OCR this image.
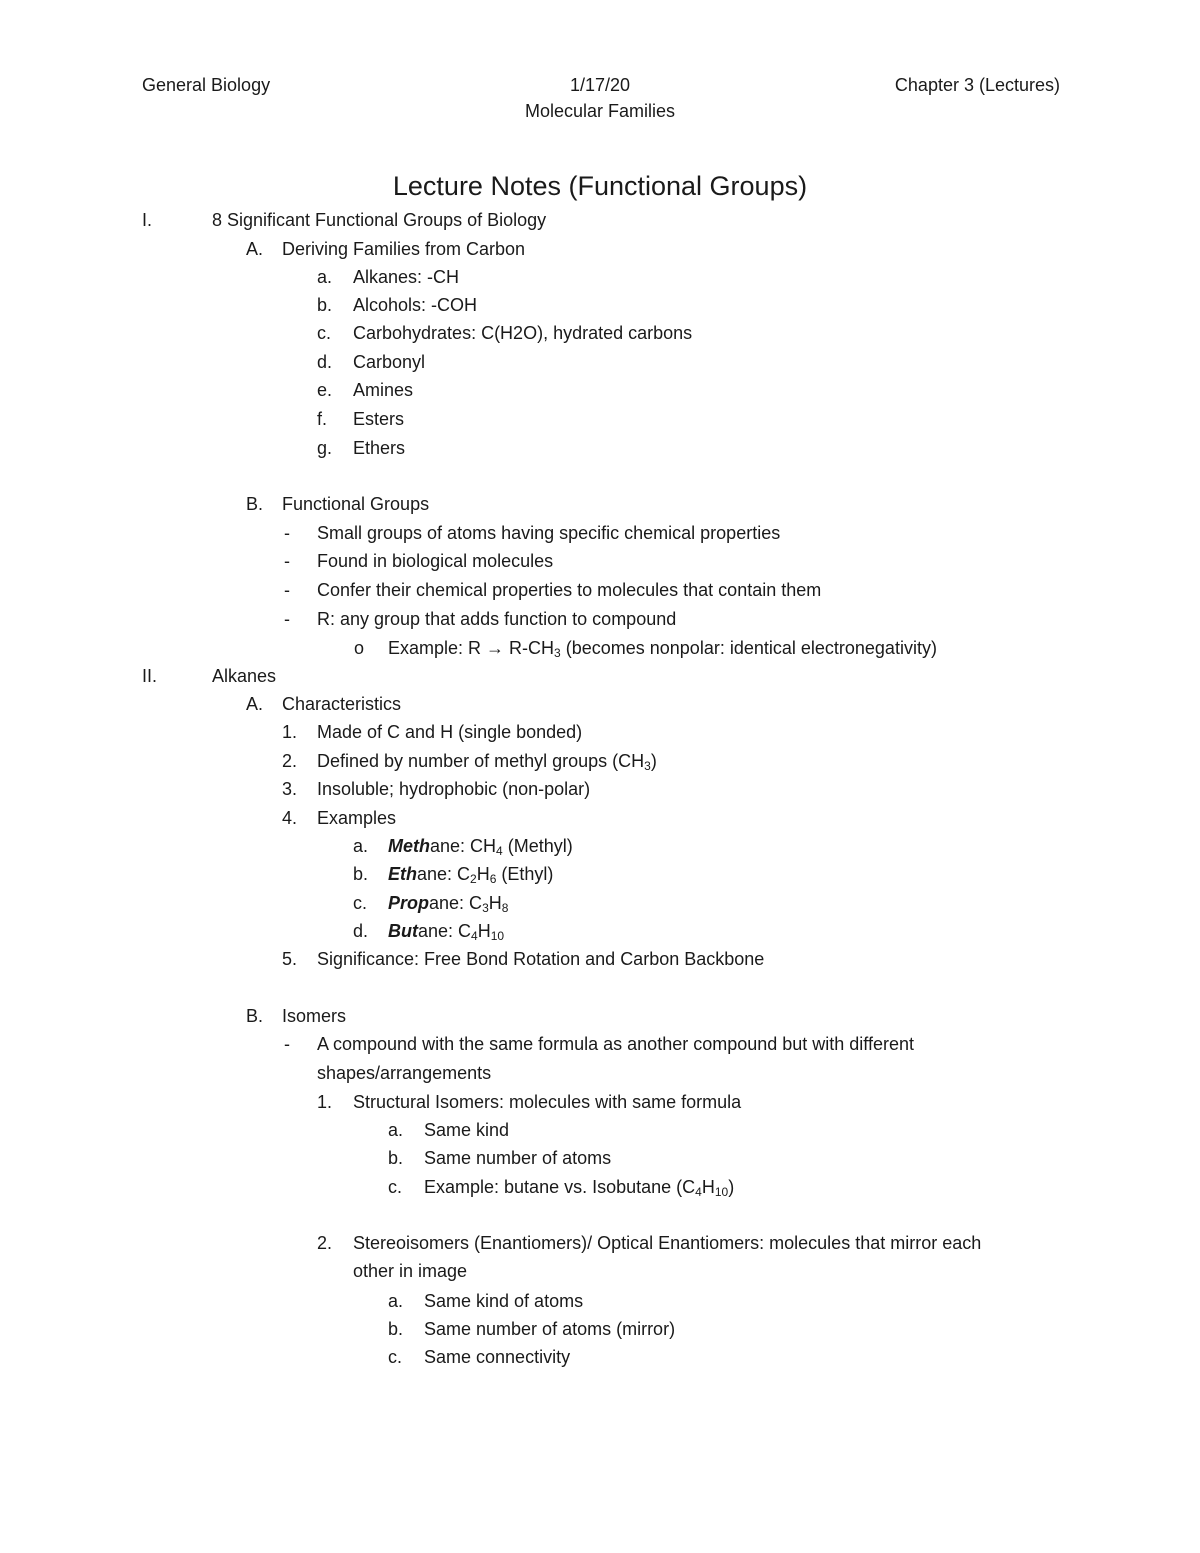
General Biology	1/17/20	Chapter 3 (Lectures)
Molecular Families
Lecture Notes (Functional Groups)
I.	8 Significant Functional Groups of Biology
A. Deriving Families from Carbon
a. Alkanes: -CH
b. Alcohols: -COH
c. Carbohydrates: C(H2O), hydrated carbons
d. Carbonyl
e. Amines
f. Esters
g. Ethers
B. Functional Groups
- Small groups of atoms having specific chemical properties
- Found in biological molecules
- Confer their chemical properties to molecules that contain them
- R: any group that adds function to compound
o Example: $R \to R-CH_3$ (becomes nonpolar: identical electronegativity)
II.	Alkanes
A. Characteristics
1. Made of C and H (single bonded)
2. Defined by number of methyl groups $(CH_3)$
3. Insoluble; hydrophobic (non-polar)
4. Examples
a. Methane: $CH_4$ (Methyl)
b. Ethane: $C_2H_6$ (Ethyl)
c. Propane: $C_3H_8$
d. Butane: $C_4H_{10}$
5. Significance: Free Bond Rotation and Carbon Backbone
B. Isomers
- A compound with the same formula as another compound but with different
shapes/arrangements
1. Structural Isomers: molecules with same formula
a. Same kind
b. Same number of atoms
c. Example: butane vs. Isobutane $(C_4H_{10})$
2. Stereoisomers (Enantiomers)/ Optical Enantiomers: molecules that mirror each
other in image
a. Same kind of atoms
b. Same number of atoms (mirror)
c. Same connectivity
